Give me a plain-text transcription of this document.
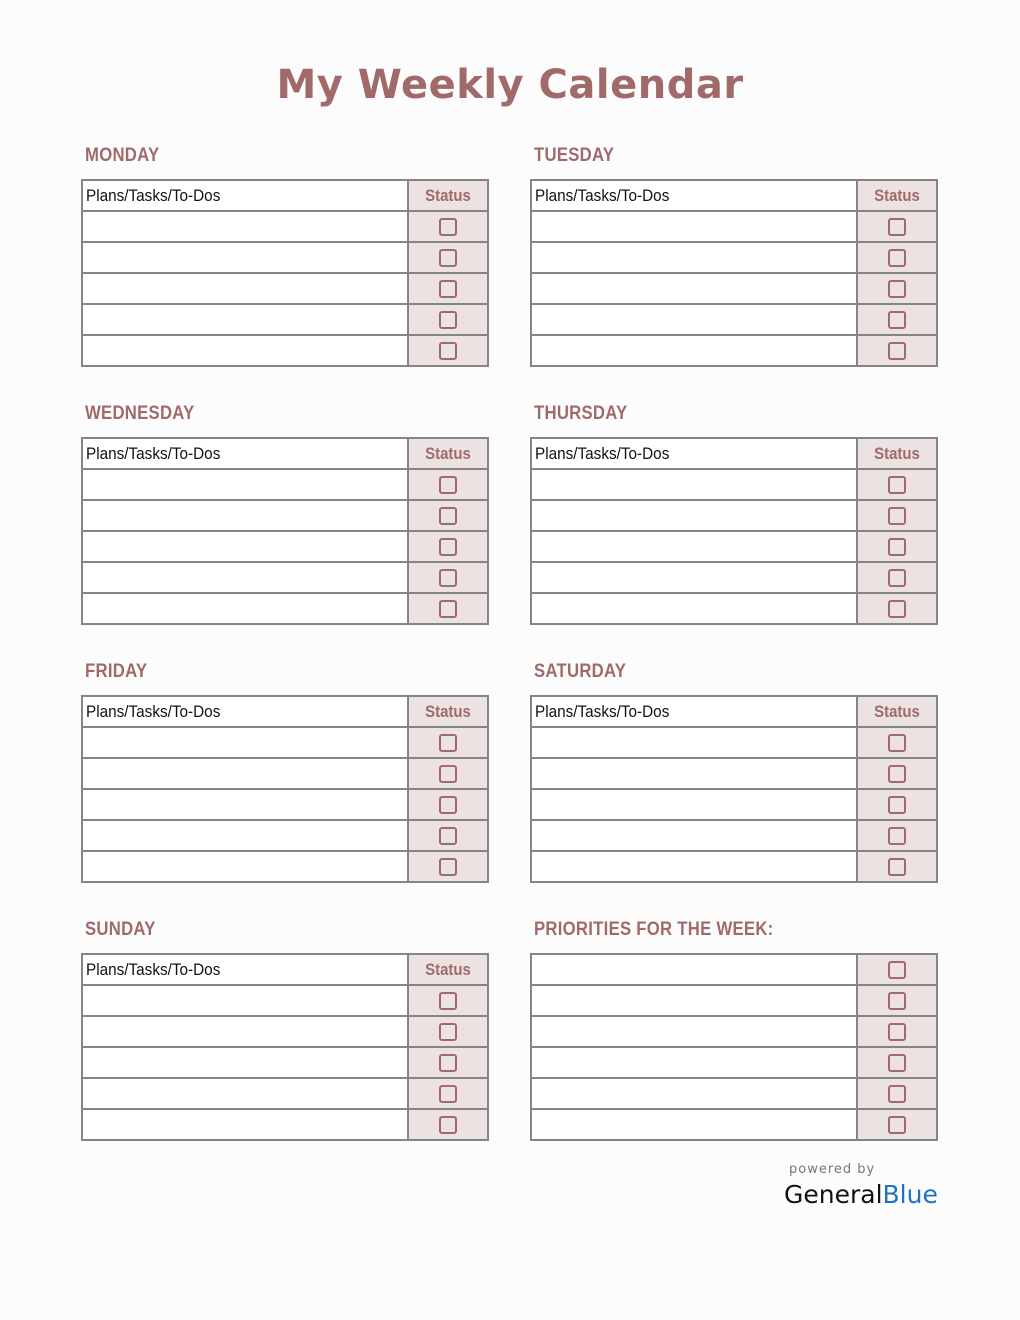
My Weekly Calendar
MONDAY
Plans/Tasks/To-Dos	Status

TUESDAY
Plans/Tasks/To-Dos	Status

WEDNESDAY
Plans/Tasks/To-Dos	Status

THURSDAY
Plans/Tasks/To-Dos	Status

FRIDAY
Plans/Tasks/To-Dos	Status

SATURDAY
Plans/Tasks/To-Dos	Status

SUNDAY
Plans/Tasks/To-Dos	Status

PRIORITIES FOR THE WEEK:

powered by
GeneralBlue
